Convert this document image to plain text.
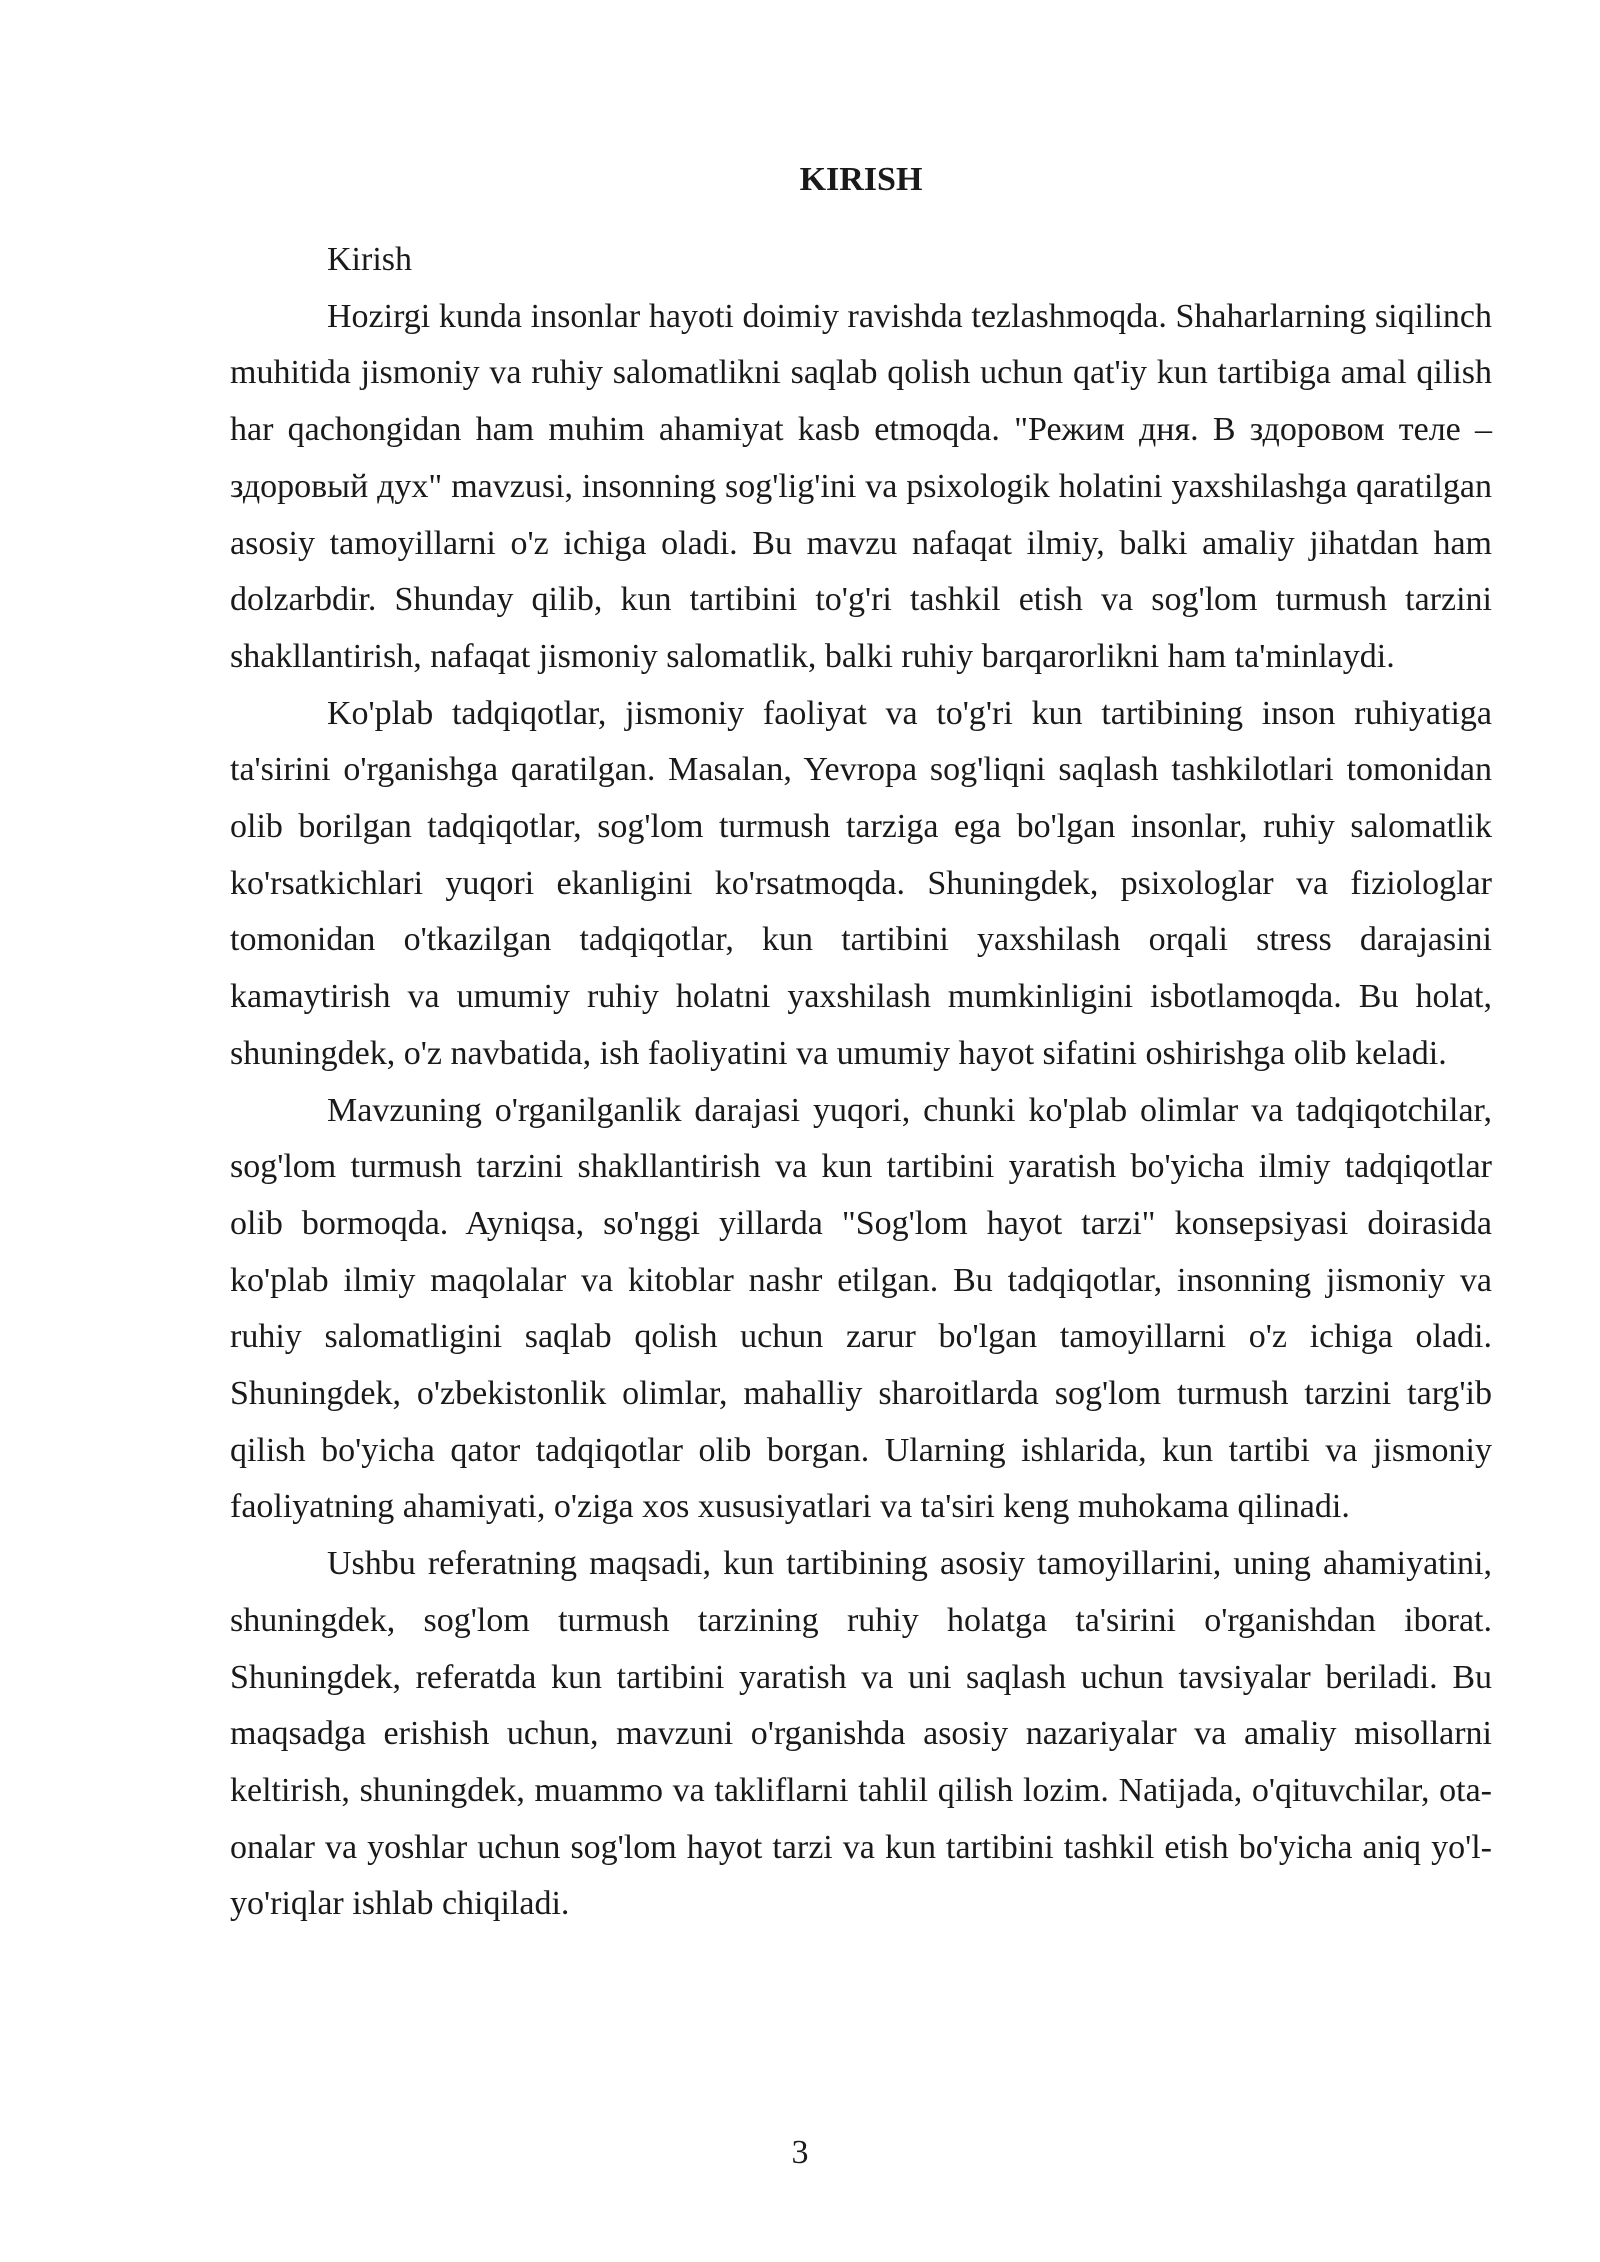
KIRISH

Kirish

Hozirgi kunda insonlar hayoti doimiy ravishda tezlashmoqda. Shaharlarning siqilinch muhitida jismoniy va ruhiy salomatlikni saqlab qolish uchun qat'iy kun tartibiga amal qilish har qachongidan ham muhim ahamiyat kasb etmoqda. "Режим дня. В здоровом теле – здоровый дух" mavzusi, insonning sog'lig'ini va psixologik holatini yaxshilashga qaratilgan asosiy tamoyillarni o'z ichiga oladi. Bu mavzu nafaqat ilmiy, balki amaliy jihatdan ham dolzarbdir. Shunday qilib, kun tartibini to'g'ri tashkil etish va sog'lom turmush tarzini shakllantirish, nafaqat jismoniy salomatlik, balki ruhiy barqarorlikni ham ta'minlaydi.

Ko'plab tadqiqotlar, jismoniy faoliyat va to'g'ri kun tartibining inson ruhiyatiga ta'sirini o'rganishga qaratilgan. Masalan, Yevropa sog'liqni saqlash tashkilotlari tomonidan olib borilgan tadqiqotlar, sog'lom turmush tarziga ega bo'lgan insonlar, ruhiy salomatlik ko'rsatkichlari yuqori ekanligini ko'rsatmoqda. Shuningdek, psixologlar va fiziologlar tomonidan o'tkazilgan tadqiqotlar, kun tartibini yaxshilash orqali stress darajasini kamaytirish va umumiy ruhiy holatni yaxshilash mumkinligini isbotlamoqda. Bu holat, shuningdek, o'z navbatida, ish faoliyatini va umumiy hayot sifatini oshirishga olib keladi.

Mavzuning o'rganilganlik darajasi yuqori, chunki ko'plab olimlar va tadqiqotchilar, sog'lom turmush tarzini shakllantirish va kun tartibini yaratish bo'yicha ilmiy tadqiqotlar olib bormoqda. Ayniqsa, so'nggi yillarda "Sog'lom hayot tarzi" konsepsiyasi doirasida ko'plab ilmiy maqolalar va kitoblar nashr etilgan. Bu tadqiqotlar, insonning jismoniy va ruhiy salomatligini saqlab qolish uchun zarur bo'lgan tamoyillarni o'z ichiga oladi. Shuningdek, o'zbekistonlik olimlar, mahalliy sharoitlarda sog'lom turmush tarzini targ'ib qilish bo'yicha qator tadqiqotlar olib borgan. Ularning ishlarida, kun tartibi va jismoniy faoliyatning ahamiyati, o'ziga xos xususiyatlari va ta'siri keng muhokama qilinadi.

Ushbu referatning maqsadi, kun tartibining asosiy tamoyillarini, uning ahamiyatini, shuningdek, sog'lom turmush tarzining ruhiy holatga ta'sirini o'rganishdan iborat. Shuningdek, referatda kun tartibini yaratish va uni saqlash uchun tavsiyalar beriladi. Bu maqsadga erishish uchun, mavzuni o'rganishda asosiy nazariyalar va amaliy misollarni keltirish, shuningdek, muammo va takliflarni tahlil qilish lozim. Natijada, o'qituvchilar, ota-onalar va yoshlar uchun sog'lom hayot tarzi va kun tartibini tashkil etish bo'yicha aniq yo'l-yo'riqlar ishlab chiqiladi.

3
